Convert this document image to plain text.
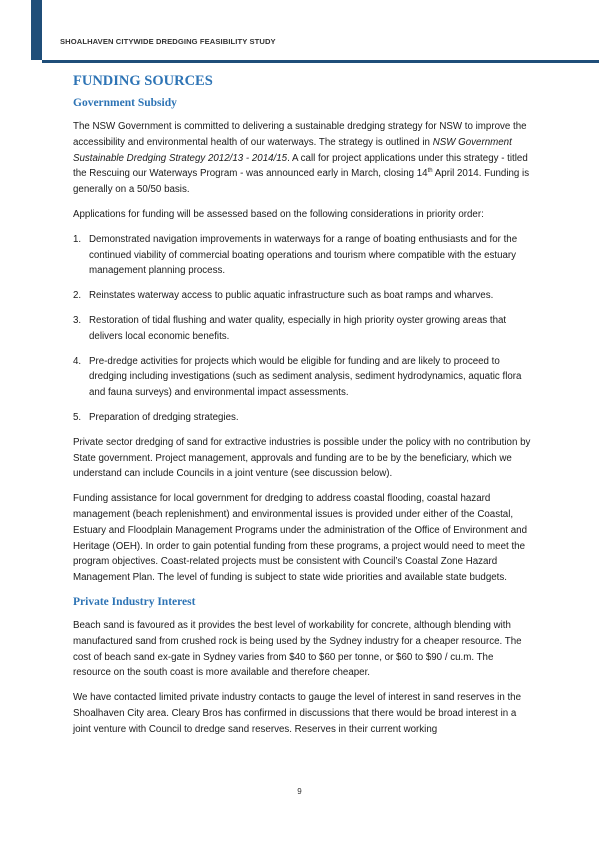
SHOALHAVEN CITYWIDE DREDGING FEASIBILITY STUDY
FUNDING SOURCES
Government Subsidy

The NSW Government is committed to delivering a sustainable dredging strategy for NSW to improve the accessibility and environmental health of our waterways. The strategy is outlined in NSW Government Sustainable Dredging Strategy 2012/13 - 2014/15. A call for project applications under this strategy - titled the Rescuing our Waterways Program - was announced early in March, closing 14th April 2014. Funding is generally on a 50/50 basis.

Applications for funding will be assessed based on the following considerations in priority order:

1. Demonstrated navigation improvements in waterways for a range of boating enthusiasts and for the continued viability of commercial boating operations and tourism where compatible with the estuary management planning process.
2. Reinstates waterway access to public aquatic infrastructure such as boat ramps and wharves.
3. Restoration of tidal flushing and water quality, especially in high priority oyster growing areas that delivers local economic benefits.
4. Pre-dredge activities for projects which would be eligible for funding and are likely to proceed to dredging including investigations (such as sediment analysis, sediment hydrodynamics, aquatic flora and fauna surveys) and environmental impact assessments.
5. Preparation of dredging strategies.

Private sector dredging of sand for extractive industries is possible under the policy with no contribution by State government. Project management, approvals and funding are to be by the beneficiary, which we understand can include Councils in a joint venture (see discussion below).

Funding assistance for local government for dredging to address coastal flooding, coastal hazard management (beach replenishment) and environmental issues is provided under either of the Coastal, Estuary and Floodplain Management Programs under the administration of the Office of Environment and Heritage (OEH). In order to gain potential funding from these programs, a project would need to meet the program objectives. Coast-related projects must be consistent with Council’s Coastal Zone Hazard Management Plan. The level of funding is subject to state wide priorities and available state budgets.

Private Industry Interest

Beach sand is favoured as it provides the best level of workability for concrete, although blending with manufactured sand from crushed rock is being used by the Sydney industry for a cheaper resource. The cost of beach sand ex-gate in Sydney varies from $40 to $60 per tonne, or $60 to $90 / cu.m. The resource on the south coast is more available and therefore cheaper.

We have contacted limited private industry contacts to gauge the level of interest in sand reserves in the Shoalhaven City area. Cleary Bros has confirmed in discussions that there would be broad interest in a joint venture with Council to dredge sand reserves. Reserves in their current working

9
